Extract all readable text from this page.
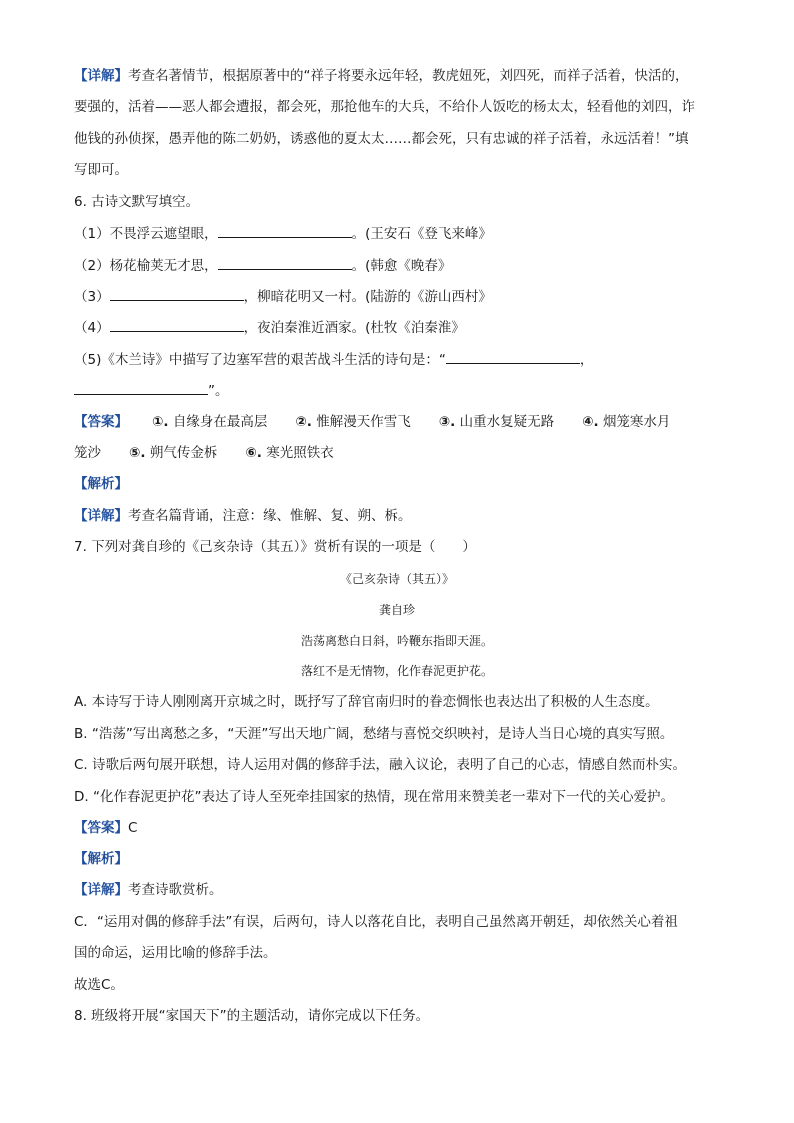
【详解】考查名著情节，根据原著中的“祥子将要永远年轻，教虎妞死，刘四死，而祥子活着，快活的，
要强的，活着——恶人都会遭报，都会死，那抢他车的大兵，不给仆人饭吃的杨太太，轻看他的刘四，诈
他钱的孙侦探，愚弄他的陈二奶奶，诱惑他的夏太太……都会死，只有忠诚的祥子活着，永远活着！”填
写即可。
6. 古诗文默写填空。
（1）不畏浮云遮望眼，	。(王安石《登飞来峰》
（2）杨花榆荚无才思，	。(韩愈《晚春》
（3）	，柳暗花明又一村。(陆游的《游山西村》
（4）	，夜泊秦淮近酒家。(杜牧《泊秦淮》
（5)《木兰诗》中描写了边塞军营的艰苦战斗生活的诗句是：“	，
”。
【答案】 ①. 自缘身在最高层 ②. 惟解漫天作雪飞 ③. 山重水复疑无路 ④. 烟笼寒水月
笼沙 ⑤. 朔气传金柝 ⑥. 寒光照铁衣
【解析】
【详解】考查名篇背诵，注意：缘、惟解、复、朔、柝。
7. 下列对龚自珍的《己亥杂诗（其五）》赏析有误的一项是（　　）
《己亥杂诗（其五）》
龚自珍
浩荡离愁白日斜，吟鞭东指即天涯。
落红不是无情物，化作春泥更护花。
A. 本诗写于诗人刚刚离开京城之时，既抒写了辞官南归时的眷恋惆怅也表达出了积极的人生态度。
B. “浩荡”写出离愁之多，“天涯”写出天地广阔，愁绪与喜悦交织映衬，是诗人当日心境的真实写照。
C. 诗歌后两句展开联想，诗人运用对偶的修辞手法，融入议论，表明了自己的心志，情感自然而朴实。
D. “化作春泥更护花”表达了诗人至死牵挂国家的热情，现在常用来赞美老一辈对下一代的关心爱护。
【答案】C
【解析】
【详解】考查诗歌赏析。
C．“运用对偶的修辞手法”有误，后两句，诗人以落花自比，表明自己虽然离开朝廷，却依然关心着祖
国的命运，运用比喻的修辞手法。
故选C。
8. 班级将开展“家国天下”的主题活动，请你完成以下任务。
